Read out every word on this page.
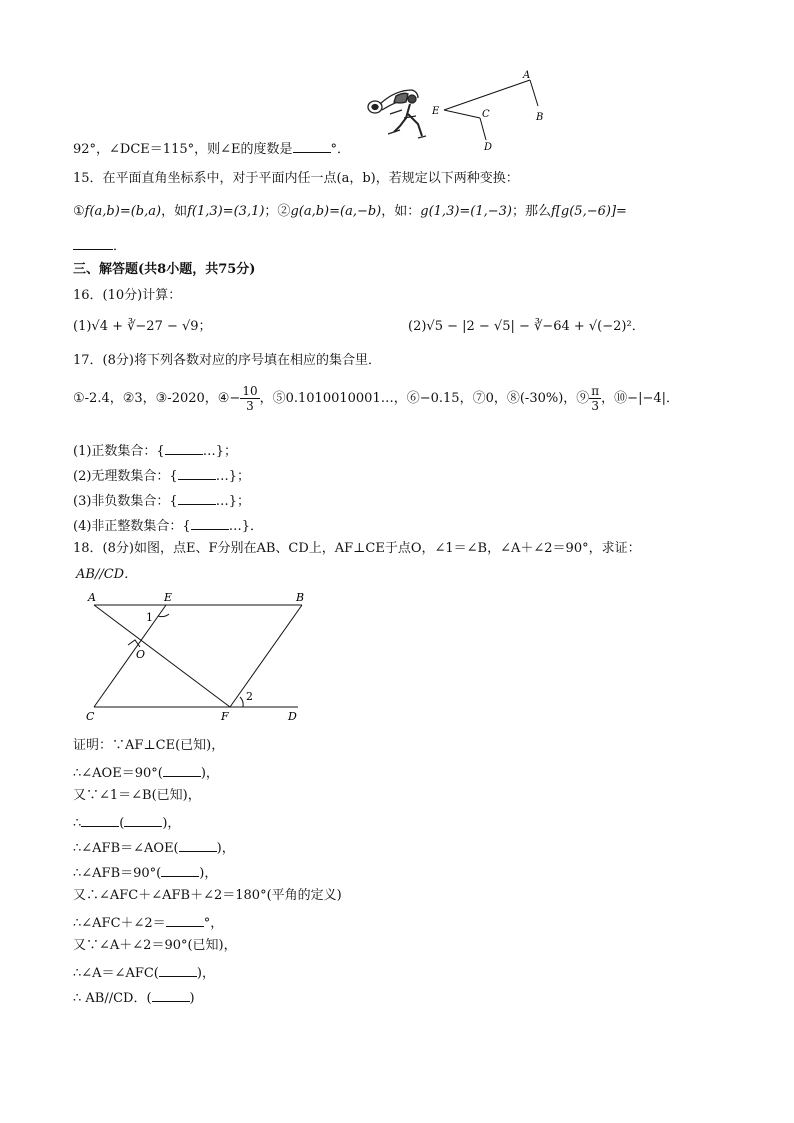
A
B
C
D
E
92°，∠DCE＝115°，则∠E的度数是	°．
15．在平面直角坐标系中，对于平面内任一点(a，b)，若规定以下两种变换：
①f(a,b)=(b,a)，如f(1,3)=(3,1)；②g(a,b)=(a,−b)，如：g(1,3)=(1,−3)；那么f[g(5,−6)]=
．
三、解答题(共8小题，共75分)
16．(10分)计算：
(1)√4 + ∛−27 − √9；	(2)√5 − |2 − √5| − ∛−64 + √(−2)²．
17．(8分)将下列各数对应的序号填在相应的集合里．
①-2.4，②3，③-2020，④− $\frac{10}{3}$ ，⑤0.1010010001…，⑥−0.15，⑦0，⑧(-30%)，⑨ $\frac{\pi}{3}$ ，⑩−|−4|．
(1)正数集合：{	…}；
(2)无理数集合：{	…}；
(3)非负数集合：{	…}；
(4)非正整数集合：{	…}．
18．(8分)如图，点E、F分别在AB、CD上，AF⊥CE于点O，∠1＝∠B，∠A＋∠2＝90°，求证：
AB//CD．
A	E	B
1
O
2
C	F	D
证明：∵AF⊥CE(已知)，
∴∠AOE＝90°(	)，
又∵∠1＝∠B(已知)，
∴	(	)，
∴∠AFB＝∠AOE(	)，
∴∠AFB＝90°(	)，
又∴∠AFC＋∠AFB＋∠2＝180°(平角的定义)
∴∠AFC＋∠2＝	°，
又∵∠A＋∠2＝90°(已知)，
∴∠A＝∠AFC(	)，
∴ AB//CD．(	)
